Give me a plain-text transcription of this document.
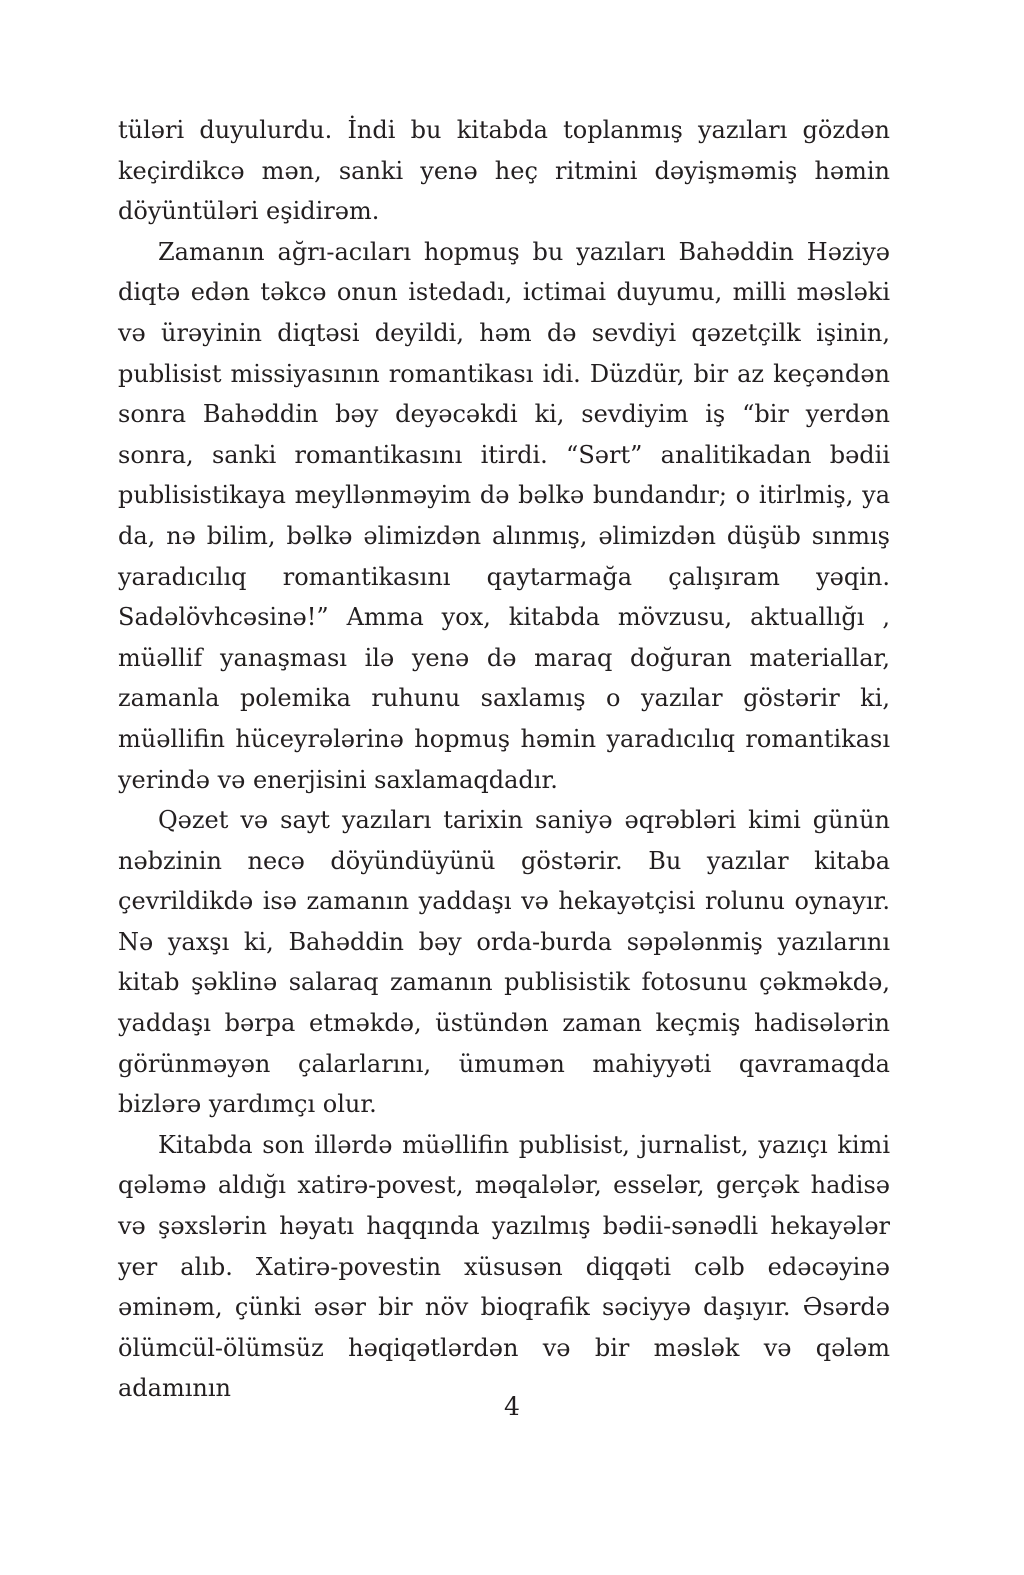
tüləri duyulurdu. İndi bu kitabda toplanmış yazıları gözdən keçirdikcə mən, sanki yenə heç ritmini dəyişməmiş həmin döyüntüləri eşidirəm.

Zamanın ağrı-acıları hopmuş bu yazıları Bahəddin Həziyə diqtə edən təkcə onun istedadı, ictimai duyumu, milli məsləki və ürəyinin diqtəsi deyildi, həm də sevdiyi qəzetçilk işinin, publisist missiyasının romantikası idi. Düzdür, bir az keçəndən sonra Bahəddin bəy deyəcəkdi ki, sevdiyim iş “bir yerdən sonra, sanki romantikasını itirdi. “Sərt” analitikadan bədii publisistikaya meyllənməyim də bəlkə bundandır; o itirlmiş, ya da, nə bilim, bəlkə əlimizdən alınmış, əlimizdən düşüb sınmış yaradıcılıq romantikasını qaytarmağa çalışıram yəqin. Sadəlövhcəsinə!” Amma yox, kitabda mövzusu, aktuallığı , müəllif yanaşması ilə yenə də maraq doğuran materiallar, zamanla polemika ruhunu saxlamış o yazılar göstərir ki, müəllifin hüceyrələrinə hopmuş həmin yaradıcılıq romantikası yerində və enerjisini saxlamaqdadır.

Qəzet və sayt yazıları tarixin saniyə əqrəbləri kimi günün nəbzinin necə döyündüyünü göstərir. Bu yazılar kitaba çevrildikdə isə zamanın yaddaşı və hekayətçisi rolunu oynayır. Nə yaxşı ki, Bahəddin bəy orda-burda səpələnmiş yazılarını kitab şəklinə salaraq zamanın publisistik fotosunu çəkməkdə, yaddaşı bərpa etməkdə, üstündən zaman keçmiş hadisələrin görünməyən çalarlarını, ümumən mahiyyəti qavramaqda bizlərə yardımçı olur.

Kitabda son illərdə müəllifin publisist, jurnalist, yazıçı kimi qələmə aldığı xatirə-povest, məqalələr, esselər, gerçək hadisə və şəxslərin həyatı haqqında yazılmış bədii-sənədli hekayələr yer alıb. Xatirə-povestin xüsusən diqqəti cəlb edəcəyinə əminəm, çünki əsər bir növ bioqrafik səciyyə daşıyır. Əsərdə ölümcül-ölümsüz həqiqətlərdən və bir məslək və qələm adamının

4
